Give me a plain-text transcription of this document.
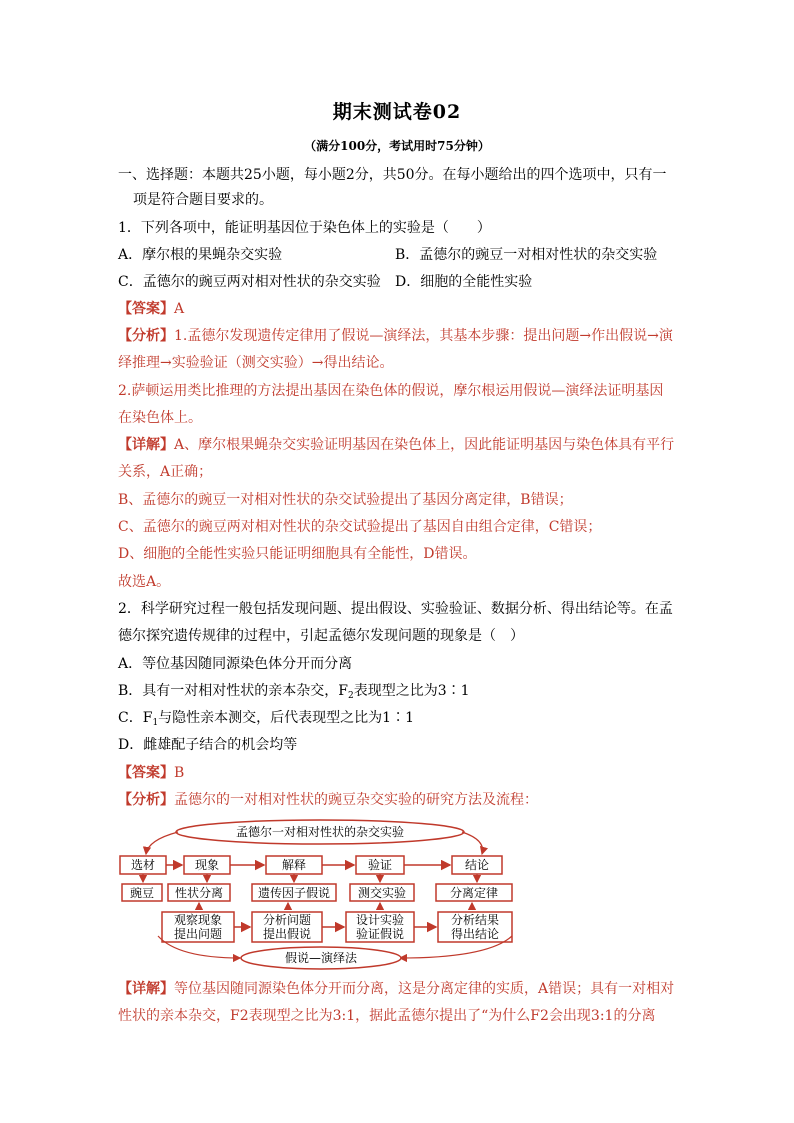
期末测试卷02
（满分100分，考试用时75分钟）
一、选择题：本题共25小题，每小题2分，共50分。在每小题给出的四个选项中，只有一
项是符合题目要求的。
1．下列各项中，能证明基因位于染色体上的实验是（　　）
A．摩尔根的果蝇杂交实验	B．孟德尔的豌豆一对相对性状的杂交实验
C．孟德尔的豌豆两对相对性状的杂交实验 D．细胞的全能性实验
【答案】A
【分析】1.孟德尔发现遗传定律用了假说—演绎法，其基本步骤：提出问题→作出假说→演
绎推理→实验验证（测交实验）→得出结论。
2.萨顿运用类比推理的方法提出基因在染色体的假说，摩尔根运用假说—演绎法证明基因
在染色体上。
【详解】A、摩尔根果蝇杂交实验证明基因在染色体上，因此能证明基因与染色体具有平行
关系，A正确；
B、孟德尔的豌豆一对相对性状的杂交试验提出了基因分离定律，B错误；
C、孟德尔的豌豆两对相对性状的杂交试验提出了基因自由组合定律，C错误；
D、细胞的全能性实验只能证明细胞具有全能性，D错误。
故选A。
2．科学研究过程一般包括发现问题、提出假设、实验验证、数据分析、得出结论等。在孟
德尔探究遗传规律的过程中，引起孟德尔发现问题的现象是（　）
A．等位基因随同源染色体分开而分离
B．具有一对相对性状的亲本杂交，$F_2$表现型之比为3∶1
C．$F_1$与隐性亲本测交，后代表现型之比为1∶1
D．雌雄配子结合的机会均等
【答案】B
【分析】孟德尔的一对相对性状的豌豆杂交实验的研究方法及流程：
孟德尔一对相对性状的杂交实验
选材	现象	解释	验证	结论
豌豆 性状分离	遗传因子假说 测交实验	分离定律
观察现象
提出问题
分析问题
提出假说
设计实验
验证假说
分析结果
得出结论
假说—演绎法
【详解】等位基因随同源染色体分开而分离，这是分离定律的实质，A错误；具有一对相对
性状的亲本杂交，F2表现型之比为3:1，据此孟德尔提出了“为什么F2会出现3:1的分离
